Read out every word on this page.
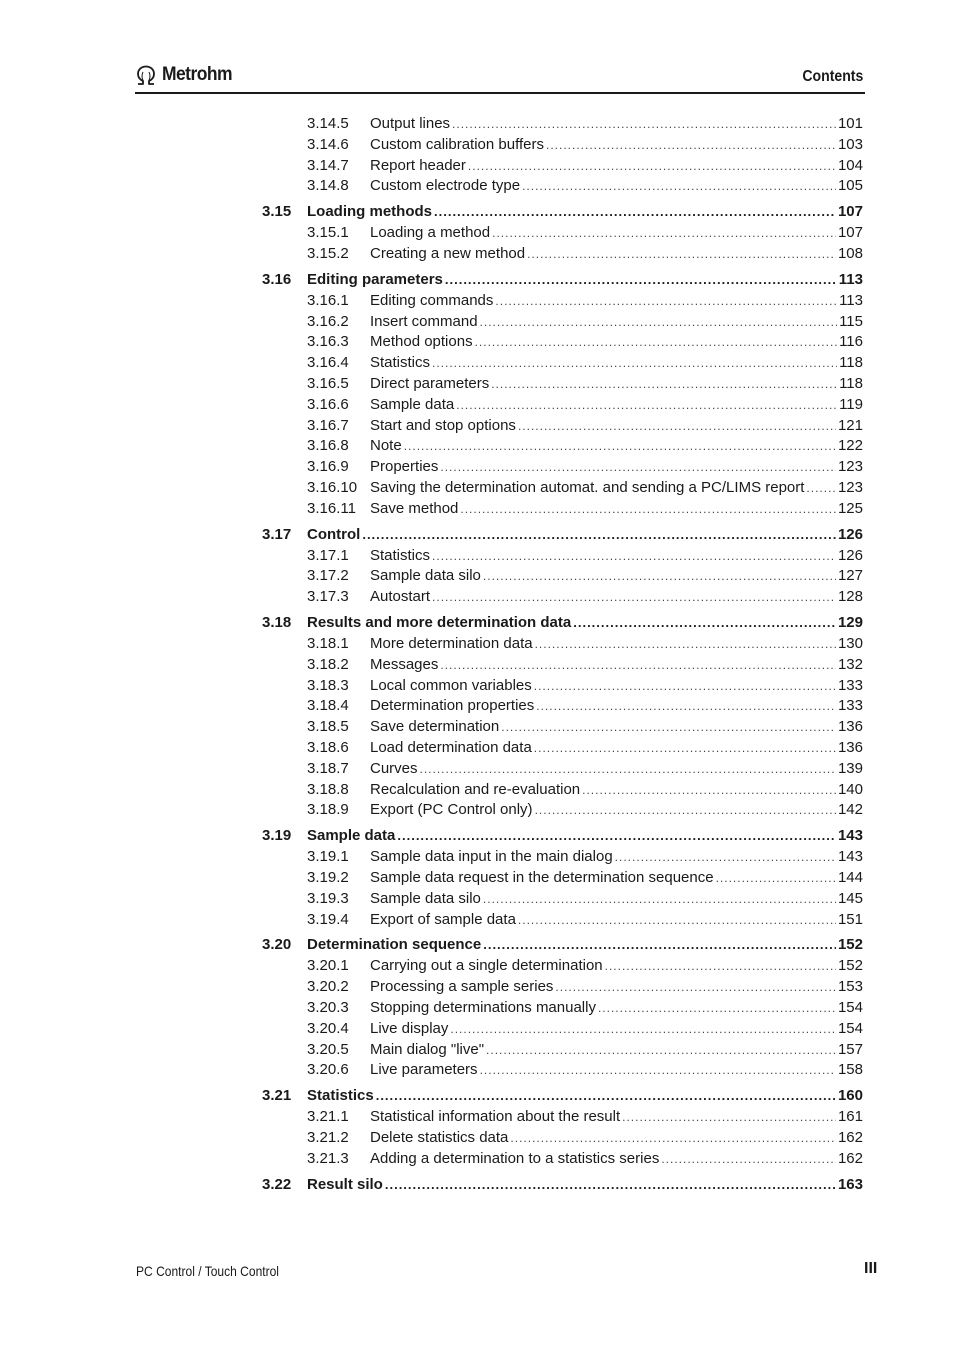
Metrohm	Contents
3.14.5 Output lines .....	101
3.14.6 Custom calibration buffers .....	103
3.14.7 Report header .....	104
3.14.8 Custom electrode type .....	105
3.15 Loading methods .....	107
3.15.1 Loading a method .....	107
3.15.2 Creating a new method .....	108
3.16 Editing parameters .....	113
3.16.1 Editing commands .....	113
3.16.2 Insert command .....	115
3.16.3 Method options .....	116
3.16.4 Statistics .....	118
3.16.5 Direct parameters .....	118
3.16.6 Sample data .....	119
3.16.7 Start and stop options .....	121
3.16.8 Note .....	122
3.16.9 Properties .....	123
3.16.10 Saving the determination automat. and sending a PC/LIMS report ..... 123
3.16.11 Save method .....	125
3.17 Control .....	126
3.17.1 Statistics .....	126
3.17.2 Sample data silo .....	127
3.17.3 Autostart .....	128
3.18 Results and more determination data .....	129
3.18.1 More determination data .....	130
3.18.2 Messages .....	132
3.18.3 Local common variables .....	133
3.18.4 Determination properties .....	133
3.18.5 Save determination .....	136
3.18.6 Load determination data .....	136
3.18.7 Curves .....	139
3.18.8 Recalculation and re-evaluation .....	140
3.18.9 Export (PC Control only) .....	142
3.19 Sample data .....	143
3.19.1 Sample data input in the main dialog .....	143
3.19.2 Sample data request in the determination sequence .....	144
3.19.3 Sample data silo .....	145
3.19.4 Export of sample data .....	151
3.20 Determination sequence .....	152
3.20.1 Carrying out a single determination .....	152
3.20.2 Processing a sample series .....	153
3.20.3 Stopping determinations manually .....	154
3.20.4 Live display .....	154
3.20.5 Main dialog "live" .....	157
3.20.6 Live parameters .....	158
3.21 Statistics .....	160
3.21.1 Statistical information about the result .....	161
3.21.2 Delete statistics data .....	162
3.21.3 Adding a determination to a statistics series .....	162
3.22 Result silo .....	163
PC Control / Touch Control	III
